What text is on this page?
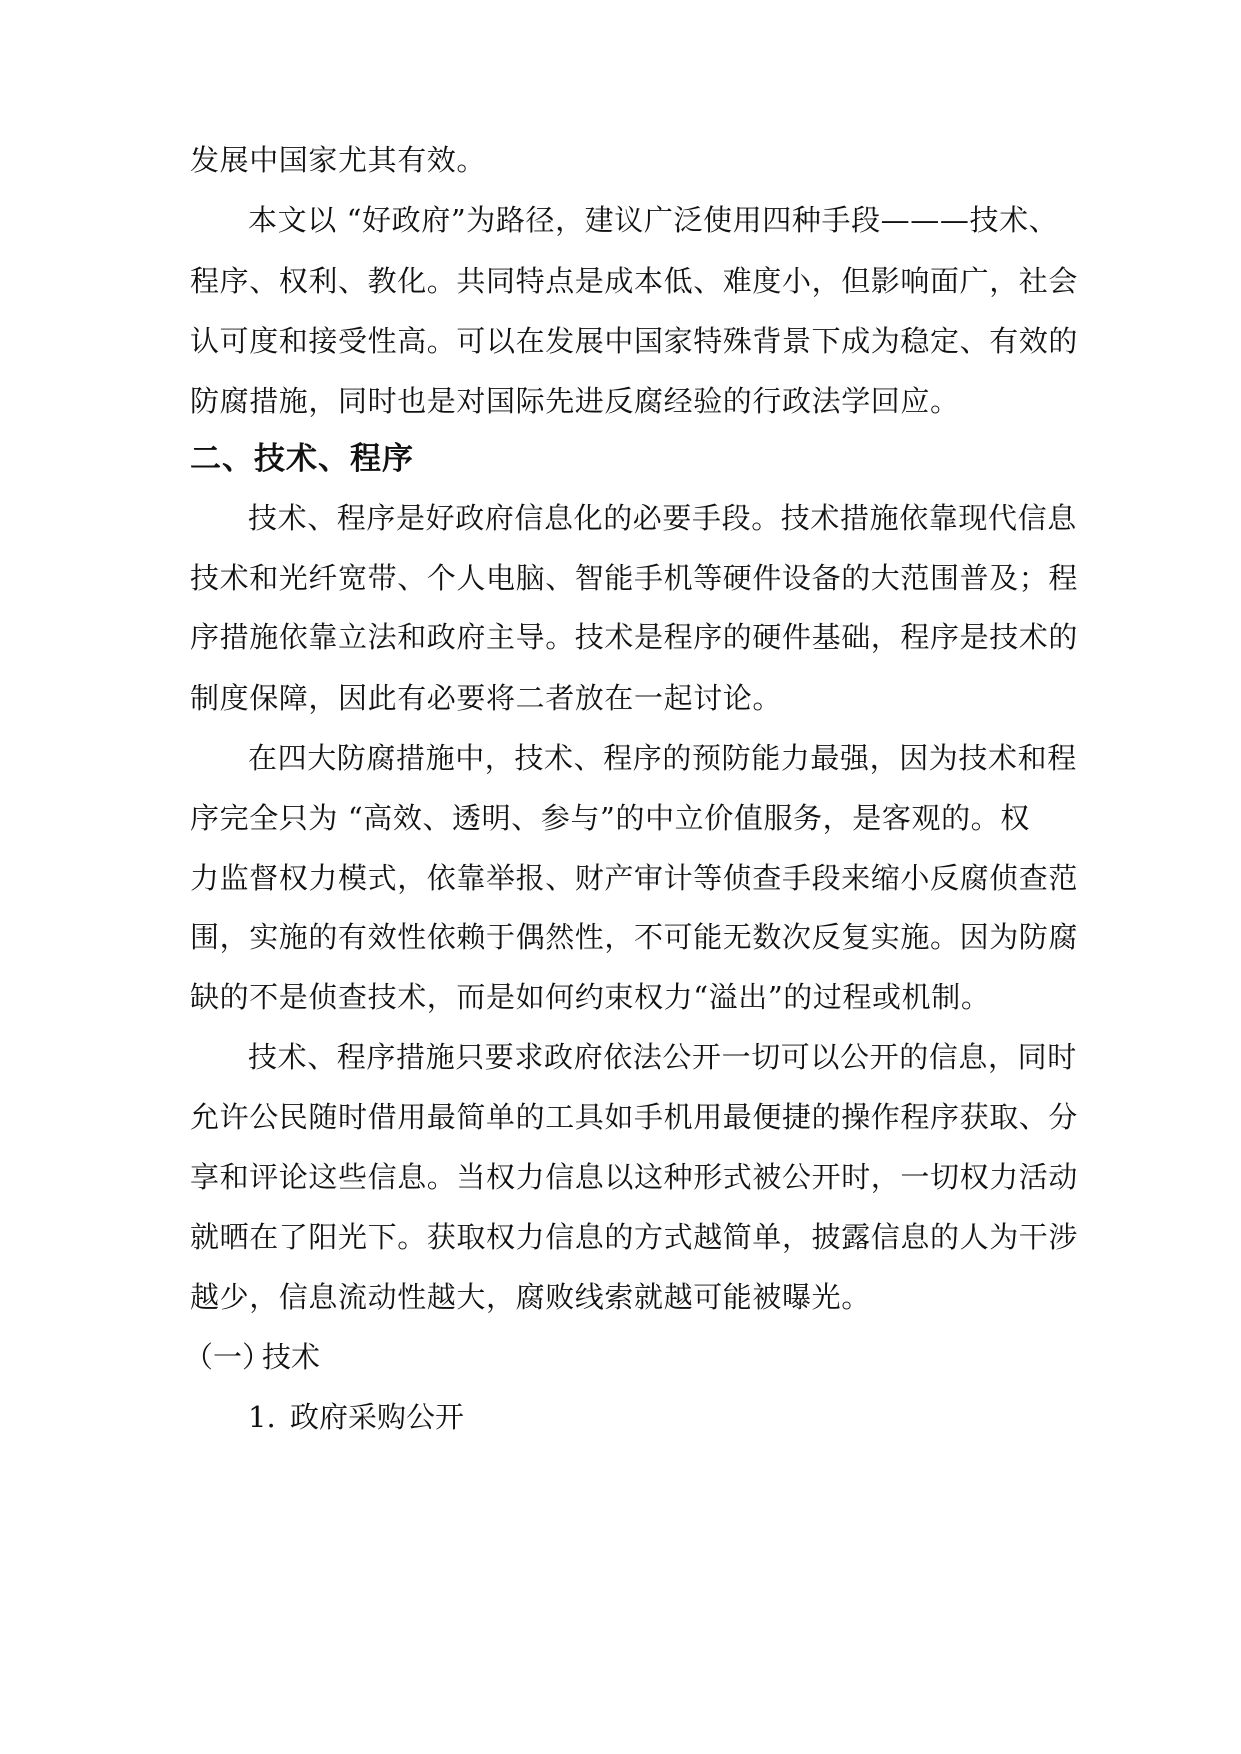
发展中国家尤其有效。
本文以 “好政府”为路径，建议广泛使用四种手段———技术、
程序、权利、教化。共同特点是成本低、难度小，但影响面广，社会
认可度和接受性高。可以在发展中国家特殊背景下成为稳定、有效的
防腐措施，同时也是对国际先进反腐经验的行政法学回应。
二、技术、程序
技术、程序是好政府信息化的必要手段。技术措施依靠现代信息
技术和光纤宽带、个人电脑、智能手机等硬件设备的大范围普及；程
序措施依靠立法和政府主导。技术是程序的硬件基础，程序是技术的
制度保障，因此有必要将二者放在一起讨论。
在四大防腐措施中，技术、程序的预防能力最强，因为技术和程
序完全只为 “高效、透明、参与”的中立价值服务，是客观的。权
力监督权力模式，依靠举报、财产审计等侦查手段来缩小反腐侦查范
围，实施的有效性依赖于偶然性，不可能无数次反复实施。因为防腐
缺的不是侦查技术，而是如何约束权力“溢出”的过程或机制。
技术、程序措施只要求政府依法公开一切可以公开的信息，同时
允许公民随时借用最简单的工具如手机用最便捷的操作程序获取、分
享和评论这些信息。当权力信息以这种形式被公开时，一切权力活动
就晒在了阳光下。获取权力信息的方式越简单，披露信息的人为干涉
越少，信息流动性越大，腐败线索就越可能被曝光。
（一）
技术
1. 政府采购公开
